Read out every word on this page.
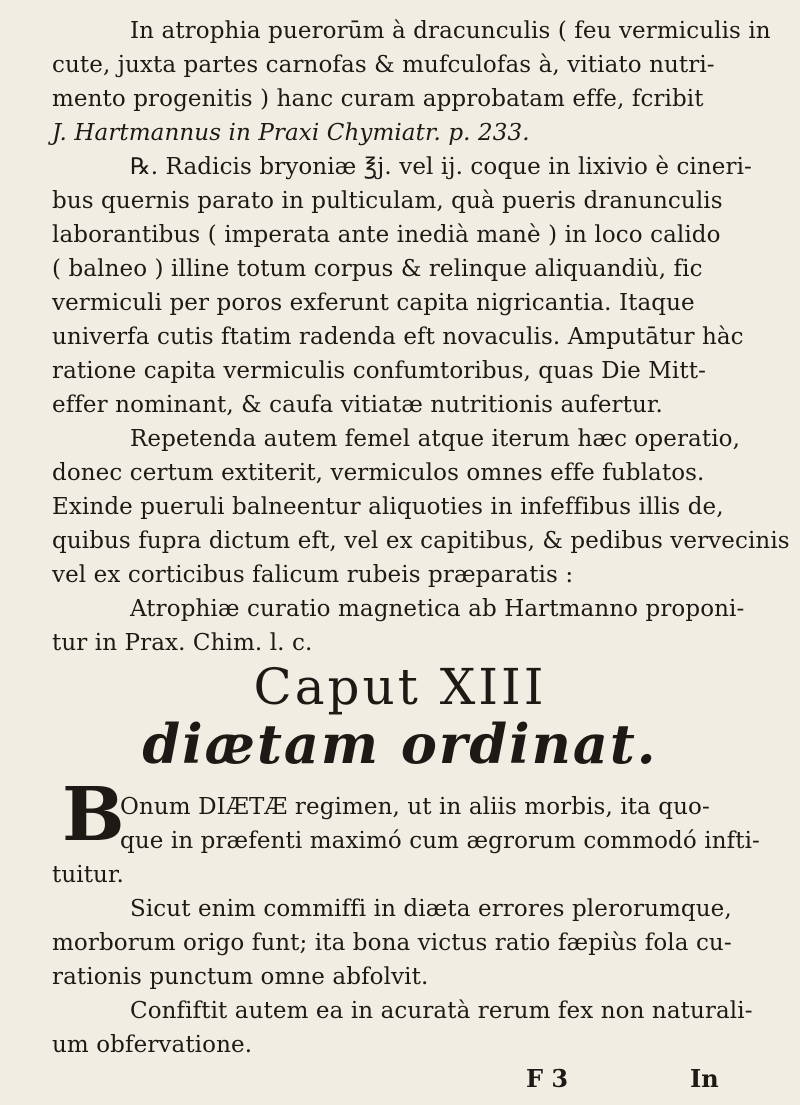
In atrophia puerorūm à dracunculis ( feu vermiculis in
cute, juxta partes carnofas & mufculofas à, vitiato nutri-
mento progenitis ) hanc curam approbatam effe, fcribit
J. Hartmannus in Praxi Chymiatr. p. 233.
℞. Radicis bryoniæ ℥j. vel ij. coque in lixivio è cineri-
bus quernis parato in pulticulam, quà pueris dranunculis
laborantibus ( imperata ante inedià manè ) in loco calido
( balneo ) illine totum corpus & relinque aliquandiù, fic
vermiculi per poros exferunt capita nigricantia. Itaque
univerfa cutis ftatim radenda eft novaculis. Amputātur hàc
ratione capita vermiculis confumtoribus, quas Die Mitt-
effer nominant, & caufa vitiatæ nutritionis aufertur.
Repetenda autem femel atque iterum hæc operatio,
donec certum extiterit, vermiculos omnes effe fublatos.
Exinde pueruli balneentur aliquoties in infeffibus illis de,
quibus fupra dictum eft, vel ex capitibus, & pedibus vervecinis
vel ex corticibus falicum rubeis præparatis :
Atrophiæ curatio magnetica ab Hartmanno proponi-
tur in Prax. Chim. l. c.
Caput XIII
diætam ordinat.
B
Onum DIÆTÆ regimen, ut in aliis morbis, ita quo-
que in præfenti maximó cum ægrorum commodó infti-
tuitur.
Sicut enim commiffi in diæta errores plerorumque,
morborum origo funt; ita bona victus ratio fæpiùs fola cu-
rationis punctum omne abfolvit.
Confiftit autem ea in acuratà rerum fex non naturali-
um obfervatione.
F 3	In
